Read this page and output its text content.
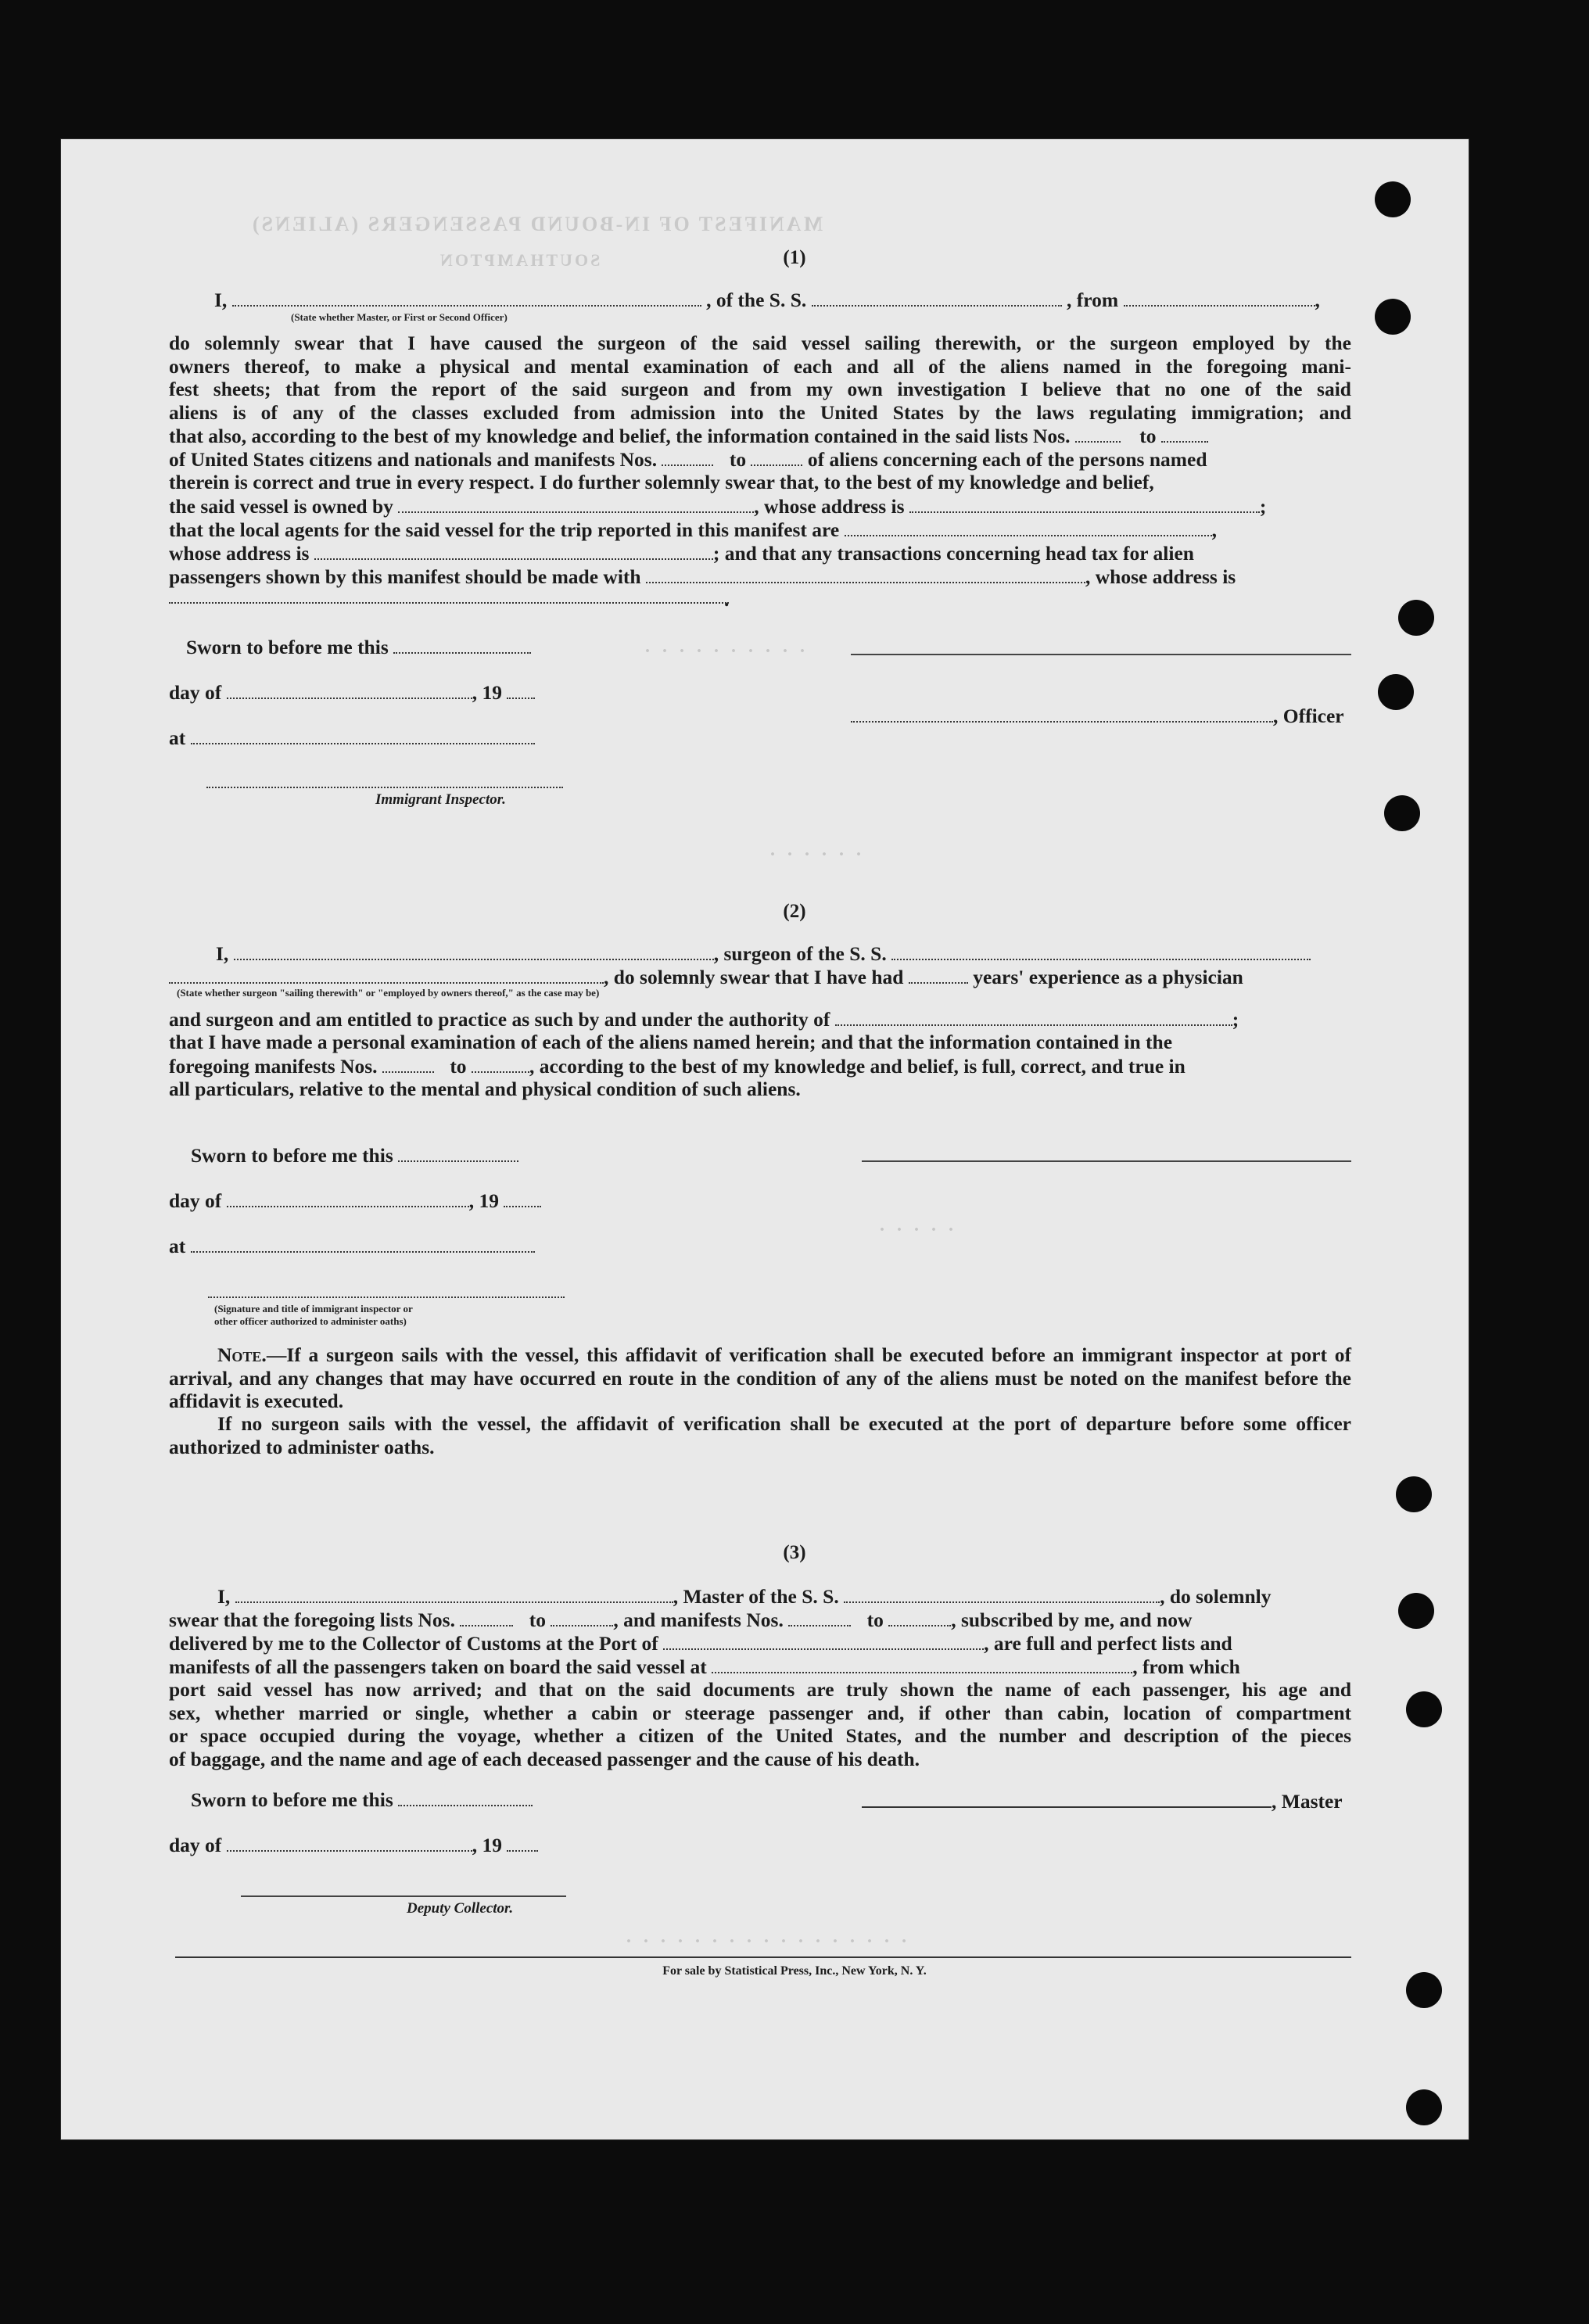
MANIFEST OF IN-BOUND PASSENGERS (ALIENS)
SOUTHAMPTON
· · · · · · · · · ·
· · · · · ·
· · · · ·
· · · · · · · · · · · · · · · · ·
(1)
I,	, of the S. S.	, from	,
(State whether Master, or First or Second Officer)
do solemnly swear that I have caused the surgeon of the said vessel sailing therewith, or the surgeon employed by the
owners thereof, to make a physical and mental examination of each and all of the aliens named in the foregoing mani-
fest sheets; that from the report of the said surgeon and from my own investigation I believe that no one of the said
aliens is of any of the classes excluded from admission into the United States by the laws regulating immigration; and
that also, according to the best of my knowledge and belief, the information contained in the said lists Nos.	to
of United States citizens and nationals and manifests Nos.	to	of aliens concerning each of the persons named
therein is correct and true in every respect. I do further solemnly swear that, to the best of my knowledge and belief,
the said vessel is owned by	, whose address is	;
that the local agents for the said vessel for the trip reported in this manifest are	,
whose address is	; and that any transactions concerning head tax for alien
passengers shown by this manifest should be made with	, whose address is
.
Sworn to before me this
day of	, 19
, Officer
at
Immigrant Inspector.
(2)
I,	, surgeon of the S. S.
, do solemnly swear that I have had	years' experience as a physician
(State whether surgeon "sailing therewith" or "employed by owners thereof," as the case may be)
and surgeon and am entitled to practice as such by and under the authority of	;
that I have made a personal examination of each of the aliens named herein; and that the information contained in the
foregoing manifests Nos.	to	, according to the best of my knowledge and belief, is full, correct, and true in
all particulars, relative to the mental and physical condition of such aliens.
Sworn to before me this
day of	, 19
at
(Signature and title of immigrant inspector or
other officer authorized to administer oaths)
Note.—If a surgeon sails with the vessel, this affidavit of verification shall be executed before an immigrant inspector at port of arrival, and any changes that may have occurred en route in the condition of any of the aliens must be noted on the manifest before the affidavit is executed.
If no surgeon sails with the vessel, the affidavit of verification shall be executed at the port of departure before some officer authorized to administer oaths.
(3)
I,	, Master of the S. S.	, do solemnly
swear that the foregoing lists Nos.	to	, and manifests Nos.	to	, subscribed by me, and now
delivered by me to the Collector of Customs at the Port of	, are full and perfect lists and
manifests of all the passengers taken on board the said vessel at	, from which
port said vessel has now arrived; and that on the said documents are truly shown the name of each passenger, his age and
sex, whether married or single, whether a cabin or steerage passenger and, if other than cabin, location of compartment
or space occupied during the voyage, whether a citizen of the United States, and the number and description of the pieces
of baggage, and the name and age of each deceased passenger and the cause of his death.
Sworn to before me this	, Master
day of	, 19
Deputy Collector.
For sale by Statistical Press, Inc., New York, N. Y.
